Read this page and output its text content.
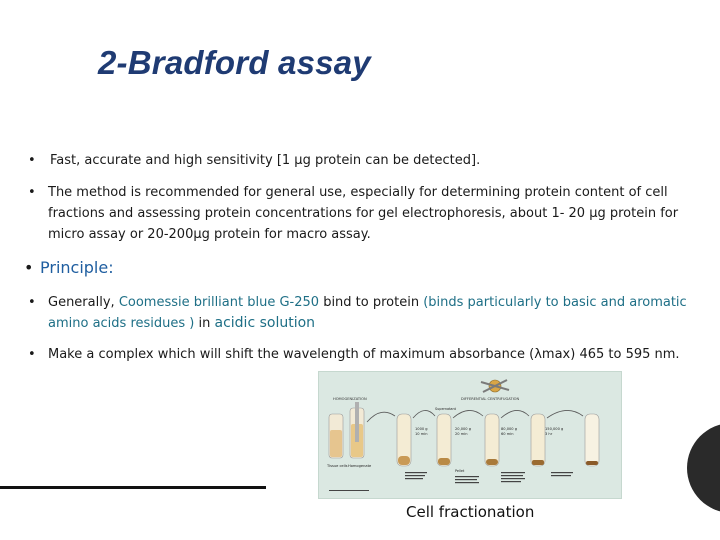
2-Bradford assay
• Fast, accurate and high sensitivity [1 μg protein can be detected].
• The method is recommended for general use, especially for determining protein content of cell fractions and assessing protein concentrations for gel electrophoresis, about 1- 20 μg protein for micro assay or 20-200μg protein for macro assay.
• Principle:
• Generally, Coomessie brilliant blue G-250 bind to protein (binds particularly to basic and aromatic amino acids residues ) in acidic solution
• Make a complex which will shift the wavelength of maximum absorbance (λmax) 465 to 595 nm.
HOMOGENIZATION	DIFFERENTIAL CENTRIFUGATION
Tissue cells Homogenate
1000 g
10 min
Supernatant
Pellet
20,000 g
20 min
80,000 g
60 min
150,000 g
3 hr
Cell fractionation
